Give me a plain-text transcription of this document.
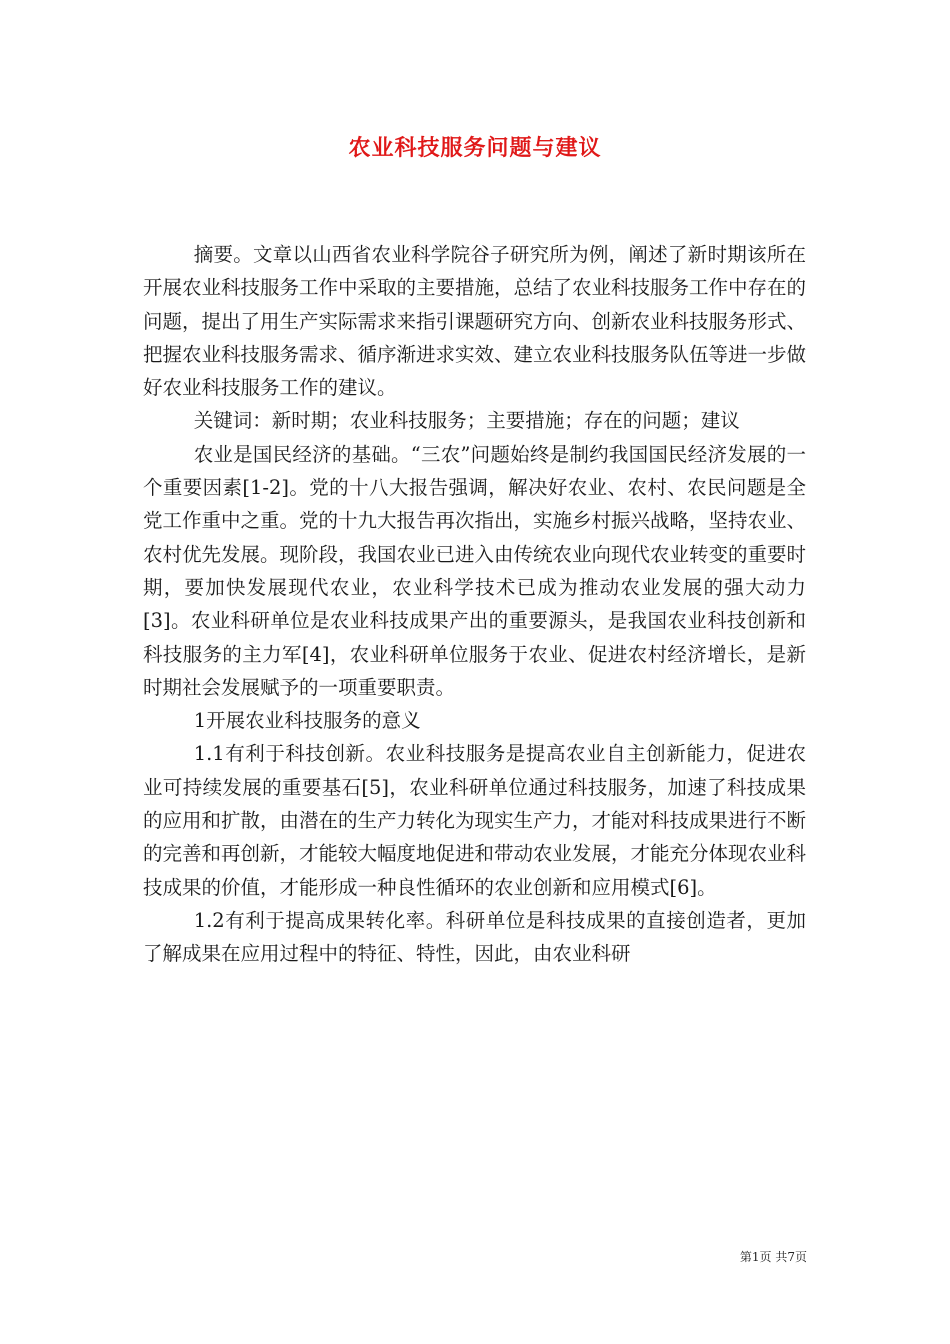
农业科技服务问题与建议

摘要。文章以山西省农业科学院谷子研究所为例，阐述了新时期该所在开展农业科技服务工作中采取的主要措施，总结了农业科技服务工作中存在的问题，提出了用生产实际需求来指引课题研究方向、创新农业科技服务形式、把握农业科技服务需求、循序渐进求实效、建立农业科技服务队伍等进一步做好农业科技服务工作的建议。

关键词：新时期；农业科技服务；主要措施；存在的问题；建议

农业是国民经济的基础。“三农”问题始终是制约我国国民经济发展的一个重要因素[1-2]。党的十八大报告强调，解决好农业、农村、农民问题是全党工作重中之重。党的十九大报告再次指出，实施乡村振兴战略，坚持农业、农村优先发展。现阶段，我国农业已进入由传统农业向现代农业转变的重要时期，要加快发展现代农业，农业科学技术已成为推动农业发展的强大动力[3]。农业科研单位是农业科技成果产出的重要源头，是我国农业科技创新和科技服务的主力军[4]，农业科研单位服务于农业、促进农村经济增长，是新时期社会发展赋予的一项重要职责。

1开展农业科技服务的意义

1.1有利于科技创新。农业科技服务是提高农业自主创新能力，促进农业可持续发展的重要基石[5]，农业科研单位通过科技服务，加速了科技成果的应用和扩散，由潜在的生产力转化为现实生产力，才能对科技成果进行不断的完善和再创新，才能较大幅度地促进和带动农业发展，才能充分体现农业科技成果的价值，才能形成一种良性循环的农业创新和应用模式[6]。

1.2有利于提高成果转化率。科研单位是科技成果的直接创造者，更加了解成果在应用过程中的特征、特性，因此，由农业科研

第1页 共7页
